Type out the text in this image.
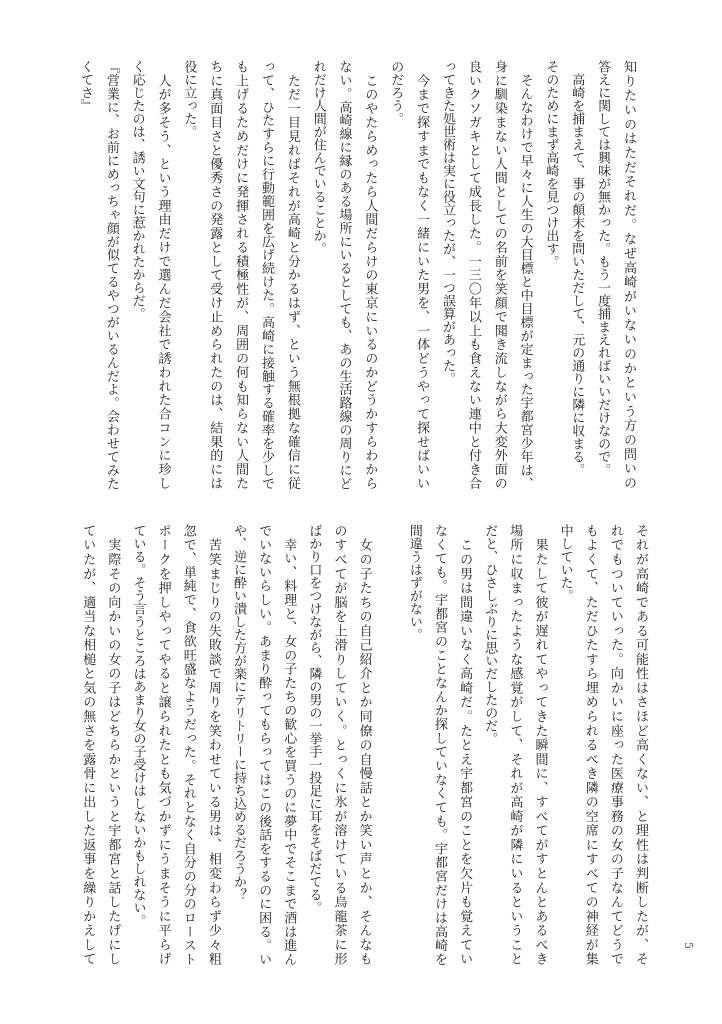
知りたいのはただそれだ。なぜ高崎がいないのかという方の問いの
答えに関しては興味が無かった。もう一度捕まえればいいだけなので。
　高崎を捕まえて、事の顛末を問いただして、元の通りに隣に収まる。
そのためにまず高崎を見つけ出す。
　そんなわけで早々に人生の大目標と中目標が定まった宇都宮少年は、
身に馴染まない人間としての名前を笑顔で聞き流しながら大変外面の
良いクソガキとして成長した。一三〇年以上も食えない連中と付き合
ってきた処世術は実に役立ったが、一つ誤算があった。
　今まで探すまでもなく一緒にいた男を、一体どうやって探せばいい
のだろう。
　このやたらめったら人間だらけの東京にいるのかどうかすらわから
ない。高崎線に縁のある場所にいるとしても、あの生活路線の周りにど
れだけ人間が住んでいることか。
　ただ一目見ればそれが高崎と分かるはず、という無根拠な確信に従
って、ひたすらに行動範囲を広げ続けた。高崎に接触する確率を少しで
も上げるためだけに発揮される積極性が、周囲の何も知らない人間た
ちに真面目さと優秀さの発露として受け止められたのは、結果的には
役に立った。
　人が多そう、という理由だけで選んだ会社で誘われた合コンに珍し
く応じたのは、誘い文句に惹かれたからだ。
『営業に、お前にめっちゃ顔が似てるやつがいるんだよ。会わせてみた
くてさ』
それが高崎である可能性はさほど高くない、と理性は判断したが、そ
れでもついていった。向かいに座った医療事務の女の子なんてどうで
もよくて、ただひたすら埋められるべき隣の空席にすべての神経が集
中していた。
　果たして彼が遅れてやってきた瞬間に、すべてがすとんとあるべき
場所に収まったような感覚がして、それが高崎が隣にいるということ
だと、ひさしぶりに思いだしたのだ。
　この男は間違いなく高崎だ。たとえ宇都宮のことを欠片も覚えてい
なくても。宇都宮のことなんか探していなくても。宇都宮だけは高崎を
間違うはずがない。
　女の子たちの自己紹介とか同僚の自慢話とか笑い声とか、そんなも
のすべてが脳を上滑りしていく。とっくに氷が溶けている烏龍茶に形
ばかり口をつけながら、隣の男の一挙手一投足に耳をそばだてる。
　幸い、料理と、女の子たちの歓心を買うのに夢中でそこまで酒は進ん
でいないらしい。あまり酔ってもらってはこの後話をするのに困る。い
や、逆に酔い潰した方が楽にテリトリーに持ち込めるだろうか？
　苦笑まじりの失敗談で周りを笑わせている男は、相変わらず少々粗
忽で、単純で、食欲旺盛なようだった。それとなく自分の分のロースト
ポークを押しやってやると譲られたとも気づかずにうまそうに平らげ
ている。そう言うところはあまり女の子受けはしないかもしれない。
　実際その向かいの女の子はどちらかというと宇都宮と話したげにし
ていたが、適当な相槌と気の無さを露骨に出した返事を繰りかえして	5
